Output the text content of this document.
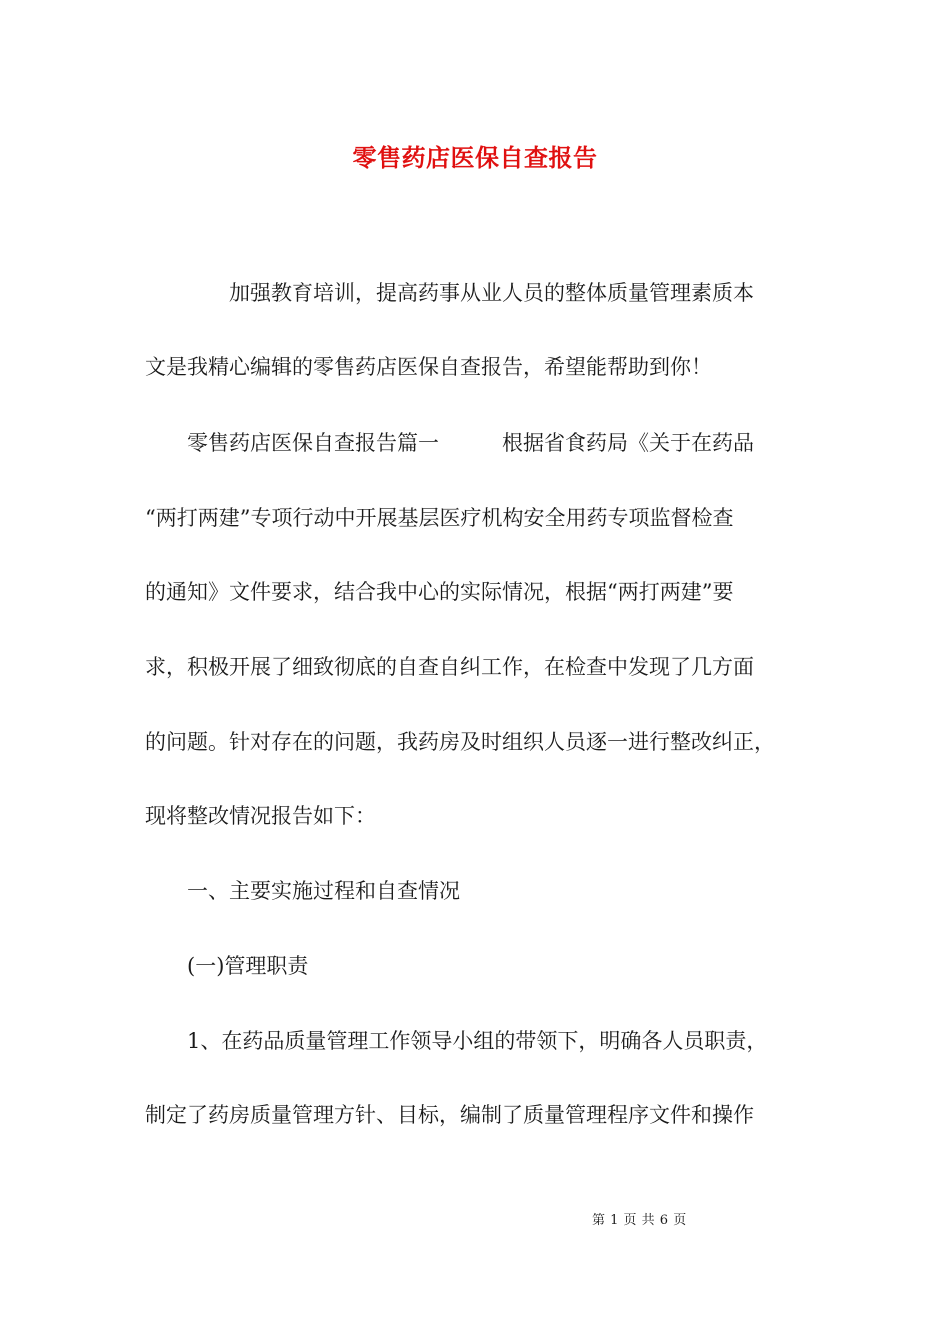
零售药店医保自查报告
　　　　加强教育培训，提高药事从业人员的整体质量管理素质本
文是我精心编辑的零售药店医保自查报告，希望能帮助到你！
　　零售药店医保自查报告篇一　　　根据省食药局《关于在药品
“两打两建”专项行动中开展基层医疗机构安全用药专项监督检查
的通知》文件要求，结合我中心的实际情况，根据“两打两建”要
求，积极开展了细致彻底的自查自纠工作，在检查中发现了几方面
的问题。针对存在的问题，我药房及时组织人员逐一进行整改纠正，
现将整改情况报告如下：
　　一、主要实施过程和自查情况
　　(一)管理职责
　　1、在药品质量管理工作领导小组的带领下，明确各人员职责，
制定了药房质量管理方针、目标，编制了质量管理程序文件和操作
第 1 页 共 6 页
